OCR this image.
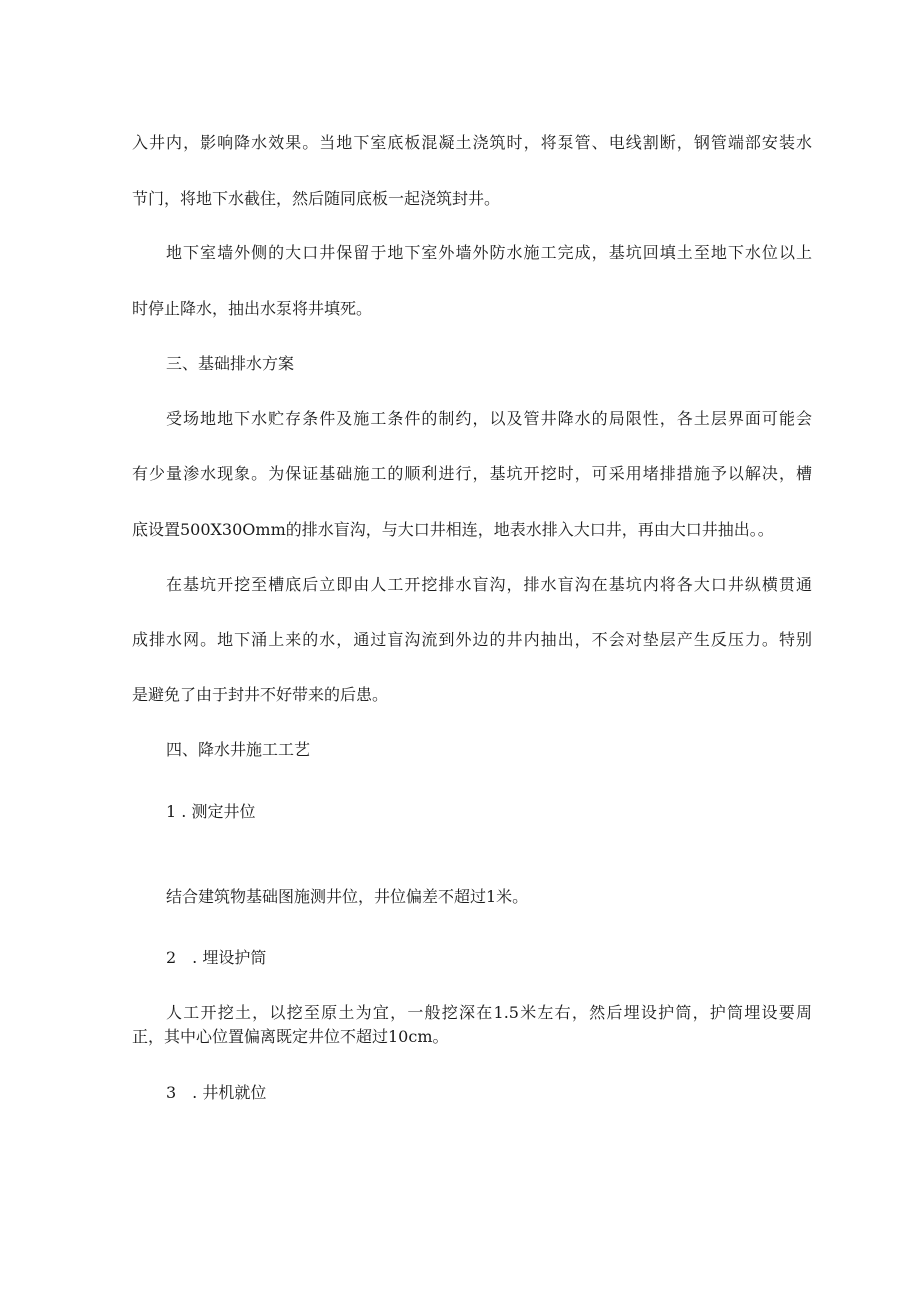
入井内，影响降水效果。当地下室底板混凝土浇筑时，将泵管、电线割断，钢管端部安装水
节门，将地下水截住，然后随同底板一起浇筑封井。
地下室墙外侧的大口井保留于地下室外墙外防水施工完成，基坑回填土至地下水位以上
时停止降水，抽出水泵将井填死。
三、基础排水方案
受场地地下水贮存条件及施工条件的制约，以及管井降水的局限性，各土层界面可能会
有少量渗水现象。为保证基础施工的顺利进行，基坑开挖时，可采用堵排措施予以解决，槽
底设置500X30Omm的排水盲沟，与大口井相连，地表水排入大口井，再由大口井抽出。。
在基坑开挖至槽底后立即由人工开挖排水盲沟，排水盲沟在基坑内将各大口井纵横贯通
成排水网。地下涌上来的水，通过盲沟流到外边的井内抽出，不会对垫层产生反压力。特别
是避免了由于封井不好带来的后患。
四、降水井施工工艺
1 . 测定井位
结合建筑物基础图施测井位，井位偏差不超过1米。
2　. 埋设护筒
人工开挖土，以挖至原土为宜，一般挖深在1.5米左右，然后埋设护筒，护筒埋设要周
正，其中心位置偏离既定井位不超过10cm。
3　. 井机就位
